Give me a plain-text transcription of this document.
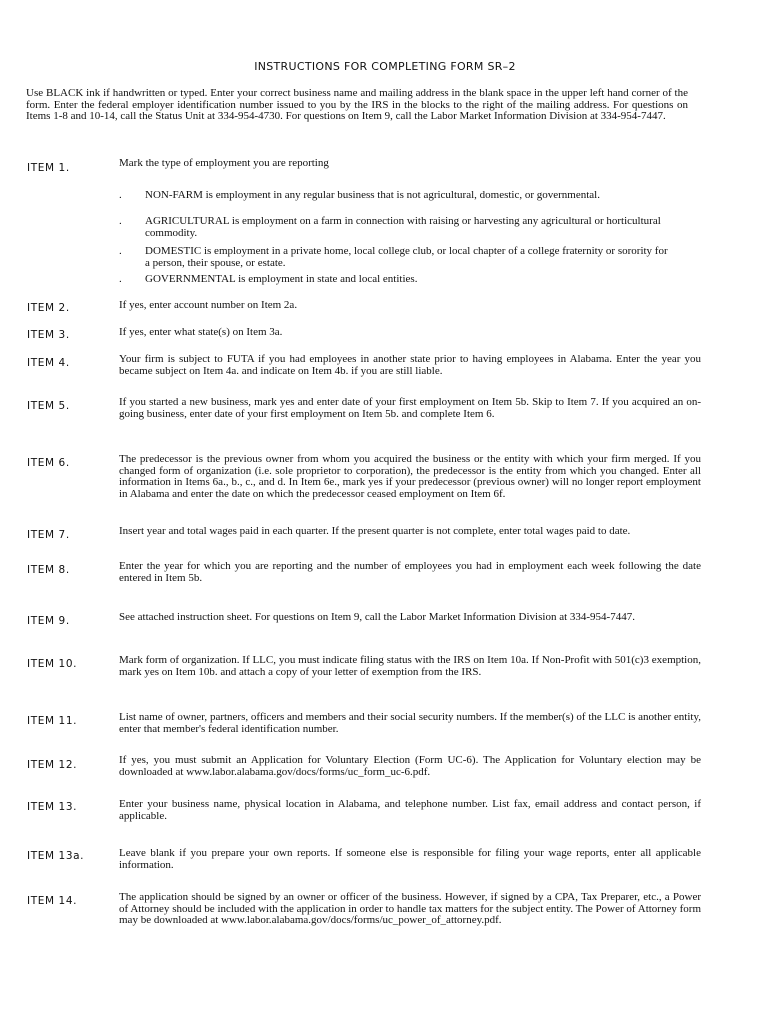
INSTRUCTIONS FOR COMPLETING FORM SR–2
Use BLACK ink if handwritten or typed. Enter your correct business name and mailing address in the blank space in the upper left hand corner of the form. Enter the federal employer identification number issued to you by the IRS in the blocks to the right of the mailing address. For questions on Items 1-8 and 10-14, call the Status Unit at 334-954-4730. For questions on Item 9, call the Labor Market Information Division at 334-954-7447.
ITEM 1.	Mark the type of employment you are reporting
. NON-FARM is employment in any regular business that is not agricultural, domestic, or governmental.
. AGRICULTURAL is employment on a farm in connection with raising or harvesting any agricultural or horticultural commodity.
. DOMESTIC is employment in a private home, local college club, or local chapter of a college fraternity or sorority for a person, their spouse, or estate.
. GOVERNMENTAL is employment in state and local entities.
ITEM 2.	If yes, enter account number on Item 2a.
ITEM 3.	If yes, enter what state(s) on Item 3a.
ITEM 4.	Your firm is subject to FUTA if you had employees in another state prior to having employees in Alabama. Enter the year you became subject on Item 4a. and indicate on Item 4b. if you are still liable.
ITEM 5.	If you started a new business, mark yes and enter date of your first employment on Item 5b. Skip to Item 7. If you acquired an on-going business, enter date of your first employment on Item 5b. and complete Item 6.
ITEM 6.	The predecessor is the previous owner from whom you acquired the business or the entity with which your firm merged. If you changed form of organization (i.e. sole proprietor to corporation), the predecessor is the entity from which you changed. Enter all information in Items 6a., b., c., and d. In Item 6e., mark yes if your predecessor (previous owner) will no longer report employment in Alabama and enter the date on which the predecessor ceased employment on Item 6f.
ITEM 7.	Insert year and total wages paid in each quarter. If the present quarter is not complete, enter total wages paid to date.
ITEM 8.	Enter the year for which you are reporting and the number of employees you had in employment each week following the date entered in Item 5b.
ITEM 9.	See attached instruction sheet. For questions on Item 9, call the Labor Market Information Division at 334-954-7447.
ITEM 10.	Mark form of organization. If LLC, you must indicate filing status with the IRS on Item 10a. If Non-Profit with 501(c)3 exemption, mark yes on Item 10b. and attach a copy of your letter of exemption from the IRS.
ITEM 11.	List name of owner, partners, officers and members and their social security numbers. If the member(s) of the LLC is another entity, enter that member's federal identification number.
ITEM 12.	If yes, you must submit an Application for Voluntary Election (Form UC-6). The Application for Voluntary election may be downloaded at www.labor.alabama.gov/docs/forms/uc_form_uc-6.pdf.
ITEM 13.	Enter your business name, physical location in Alabama, and telephone number. List fax, email address and contact person, if applicable.
ITEM 13a.	Leave blank if you prepare your own reports. If someone else is responsible for filing your wage reports, enter all applicable information.
ITEM 14.	The application should be signed by an owner or officer of the business. However, if signed by a CPA, Tax Preparer, etc., a Power of Attorney should be included with the application in order to handle tax matters for the subject entity. The Power of Attorney form may be downloaded at www.labor.alabama.gov/docs/forms/uc_power_of_attorney.pdf.
